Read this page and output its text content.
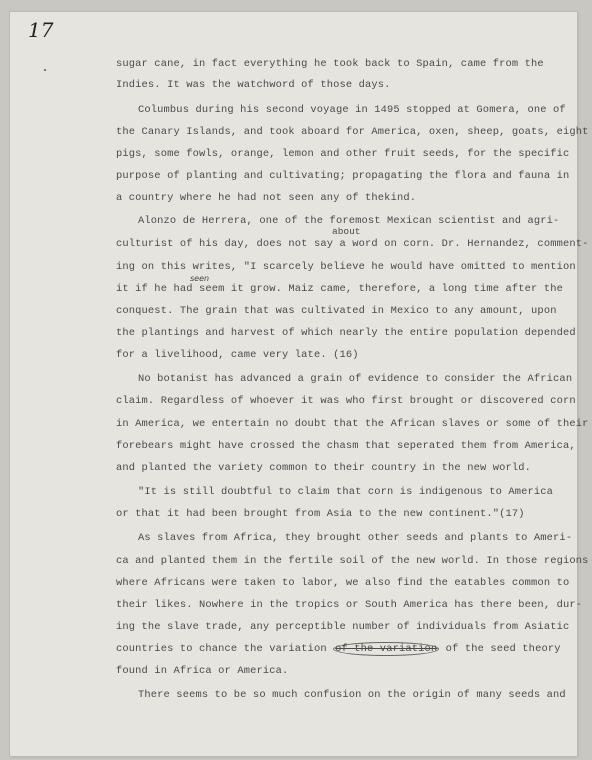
17
sugar cane, in fact everything he took back to Spain, came from the
Indies. It was the watchword of those days.
Columbus during his second voyage in 1495 stopped at Gomera, one of
the Canary Islands, and took aboard for America, oxen, sheep, goats, eight
pigs, some fowls, orange, lemon and other fruit seeds, for the specific
purpose of planting and cultivating; propagating the flora and fauna in
a country where he had not seen any of thekind.
Alonzo de Herrera, one of the foremost Mexican scientist and agri-
about
culturist of his day, does not say a word on corn. Dr. Hernandez, comment-
ing on this writes, "I scarcely believe he would have omitted to mention
seen
it if he had seem it grow. Maiz came, therefore, a long time after the
conquest. The grain that was cultivated in Mexico to any amount, upon
the plantings and harvest of which nearly the entire population depended
for a livelihood, came very late. (16)
No botanist has advanced a grain of evidence to consider the African
claim. Regardless of whoever it was who first brought or discovered corn
in America, we entertain no doubt that the African slaves or some of their
forebears might have crossed the chasm that seperated them from America,
and planted the variety common to their country in the new world.
"It is still doubtful to claim that corn is indigenous to America
or that it had been brought from Asia to the new continent."(17)
As slaves from Africa, they brought other seeds and plants to Ameri-
ca and planted them in the fertile soil of the new world. In those regions
where Africans were taken to labor, we also find the eatables common to
their likes. Nowhere in the tropics or South America has there been, dur-
ing the slave trade, any perceptible number of individuals from Asiatic
countries to chance the variation of the variation of the seed theory
found in Africa or America.
There seems to be so much confusion on the origin of many seeds and
